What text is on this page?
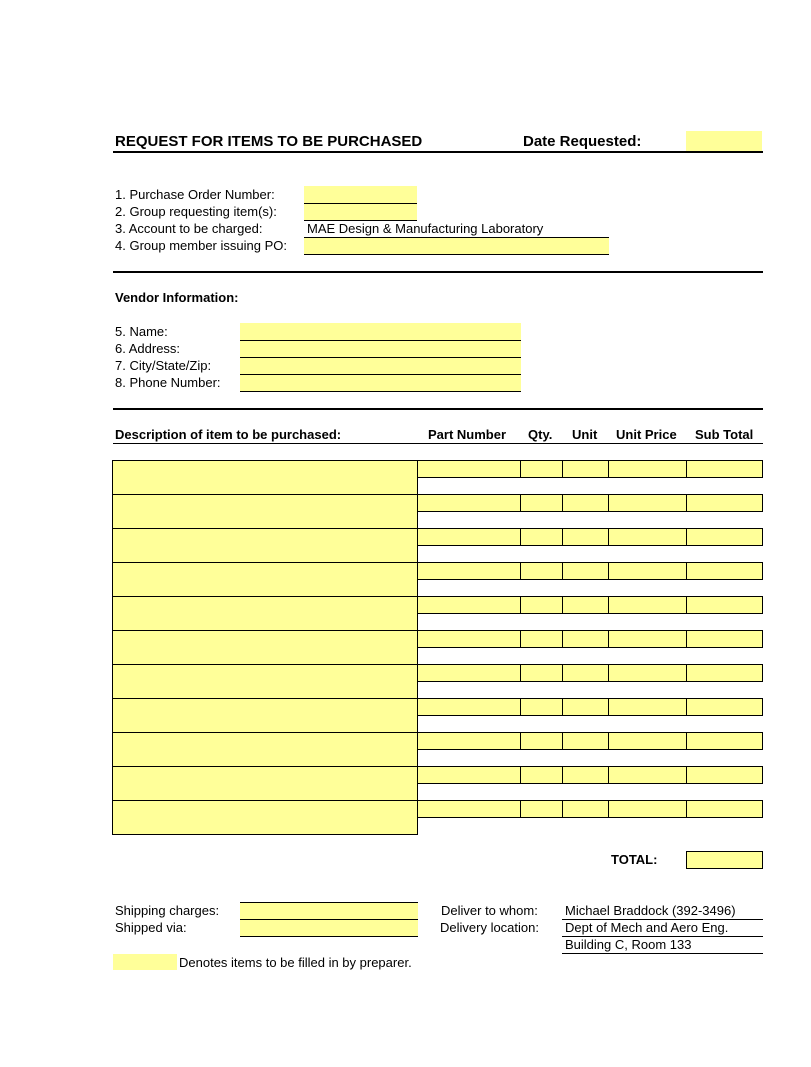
REQUEST FOR ITEMS TO BE PURCHASED	Date Requested:
1. Purchase Order Number:
2. Group requesting item(s):
3. Account to be charged:
4. Group member issuing PO:
MAE Design & Manufacturing Laboratory
Vendor Information:
5. Name:
6. Address:
7. City/State/Zip:
8. Phone Number:
Description of item to be purchased:	Part Number Qty. Unit Unit Price Sub Total
TOTAL:
Shipping charges:
Shipped via:
Deliver to whom:
Delivery location:
Michael Braddock (392-3496)
Dept of Mech and Aero Eng.
Building C, Room 133
Denotes items to be filled in by preparer.
